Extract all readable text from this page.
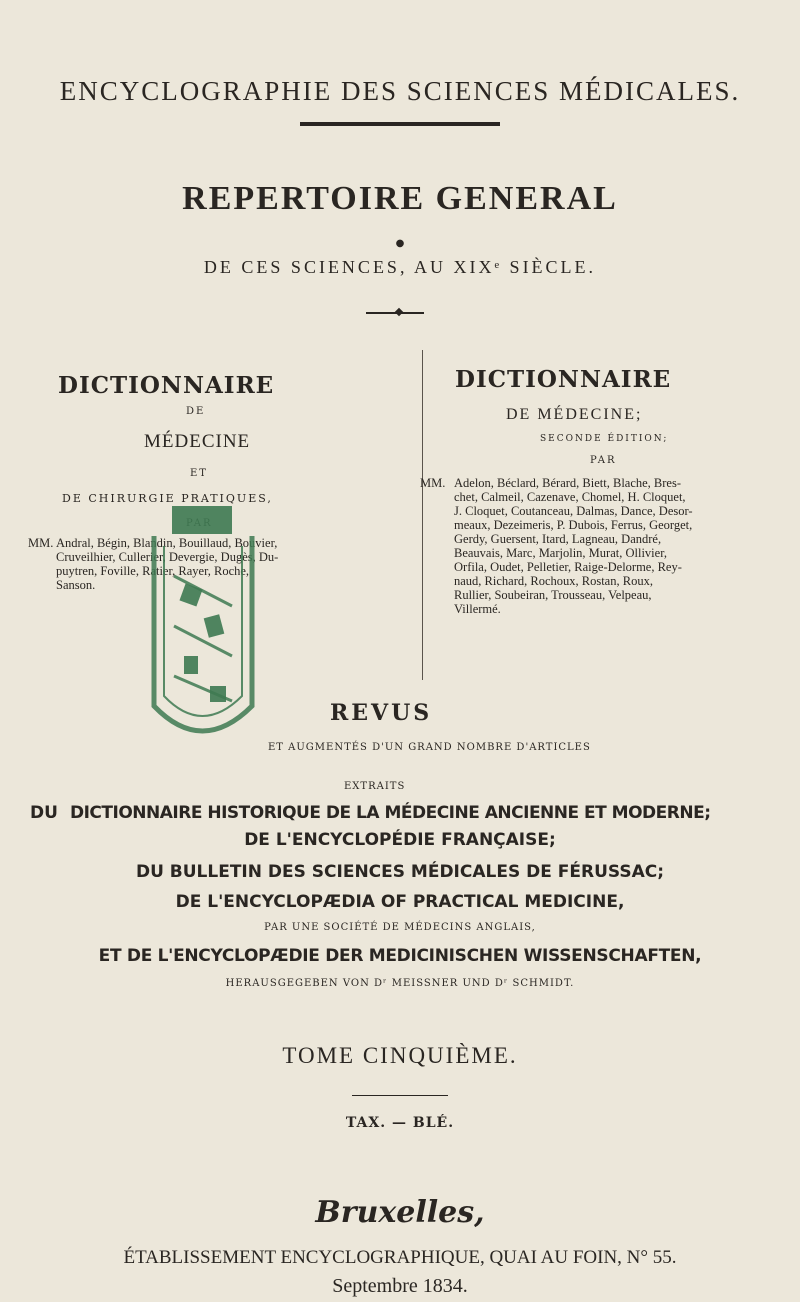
ENCYCLOGRAPHIE DES SCIENCES MÉDICALES.
REPERTOIRE GENERAL
●
DE CES SCIENCES, AU XIXᵉ SIÈCLE.
DICTIONNAIRE
DE
MÉDECINE
ET
DE CHIRURGIE PRATIQUES,
MM. Andral, Bégin, Blandin, Bouillaud, Bouvier,
Cruveilhier, Cullerier, Devergie, Dugès, Du-
puytren, Foville, Ratier, Rayer, Roche,
Sanson.
DICTIONNAIRE
DE MÉDECINE;
SECONDE ÉDITION;
PAR
MM. Adelon, Béclard, Bérard, Biett, Blache, Bres-
chet, Calmeil, Cazenave, Chomel, H. Cloquet,
J. Cloquet, Coutanceau, Dalmas, Dance, Desor-
meaux, Dezeimeris, P. Dubois, Ferrus, Georget,
Gerdy, Guersent, Itard, Lagneau, Dandré,
Beauvais, Marc, Marjolin, Murat, Ollivier,
Orfila, Oudet, Pelletier, Raige-Delorme, Rey-
naud, Richard, Rochoux, Rostan, Roux,
Rullier, Soubeiran, Trousseau, Velpeau,
Villermé.
REVUS
ET AUGMENTÉS D'UN GRAND NOMBRE D'ARTICLES
EXTRAITS
DU DICTIONNAIRE HISTORIQUE DE LA MÉDECINE ANCIENNE ET MODERNE;
DE L'ENCYCLOPÉDIE FRANÇAISE;
DU BULLETIN DES SCIENCES MÉDICALES DE FÉRUSSAC;
DE L'ENCYCLOPÆDIA OF PRACTICAL MEDICINE,
PAR UNE SOCIÉTÉ DE MÉDECINS ANGLAIS,
ET DE L'ENCYCLOPÆDIE DER MEDICINISCHEN WISSENSCHAFTEN,
HERAUSGEGEBEN VON Dʳ MEISSNER UND Dʳ SCHMIDT.
TOME CINQUIÈME.
TAX. — BLÉ.
Bruxelles,
ÉTABLISSEMENT ENCYCLOGRAPHIQUE, QUAI AU FOIN, N° 55.
Septembre 1834.
